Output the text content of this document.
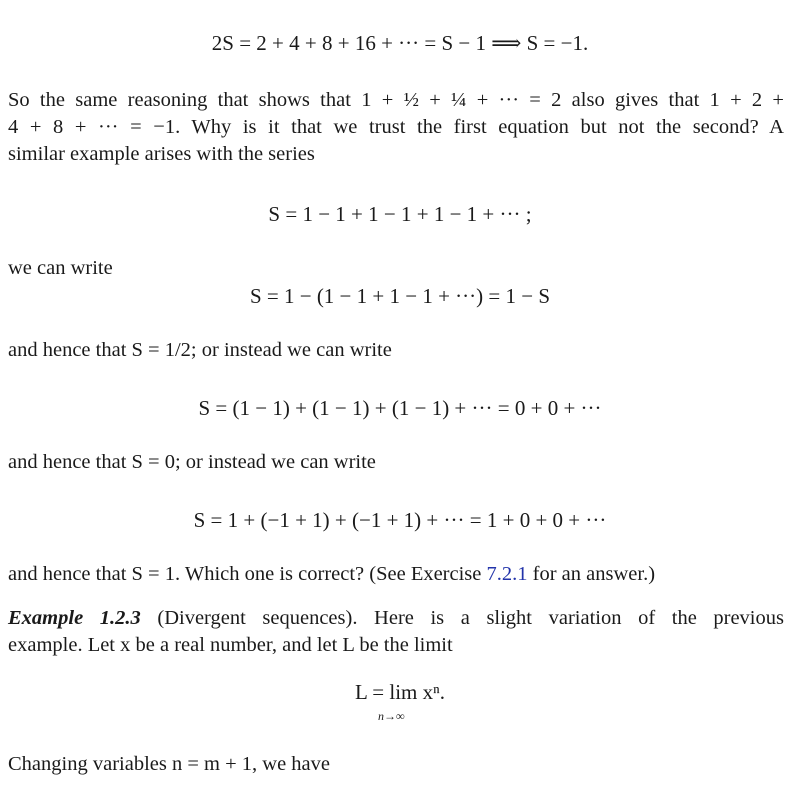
2S = 2 + 4 + 8 + 16 + ··· = S − 1 ⟹ S = −1.
So the same reasoning that shows that 1 + ½ + ¼ + ··· = 2 also gives that 1 + 2 +
4 + 8 + ··· = −1. Why is it that we trust the first equation but not the second? A
similar example arises with the series
S = 1 − 1 + 1 − 1 + 1 − 1 + ··· ;
we can write
S = 1 − (1 − 1 + 1 − 1 + ···) = 1 − S
and hence that S = 1/2; or instead we can write
S = (1 − 1) + (1 − 1) + (1 − 1) + ··· = 0 + 0 + ···
and hence that S = 0; or instead we can write
S = 1 + (−1 + 1) + (−1 + 1) + ··· = 1 + 0 + 0 + ···
and hence that S = 1. Which one is correct? (See Exercise 7.2.1 for an answer.)
Example 1.2.3 (Divergent sequences). Here is a slight variation of the previous
example. Let x be a real number, and let L be the limit
L = lim xⁿ.
n→∞
Changing variables n = m + 1, we have
